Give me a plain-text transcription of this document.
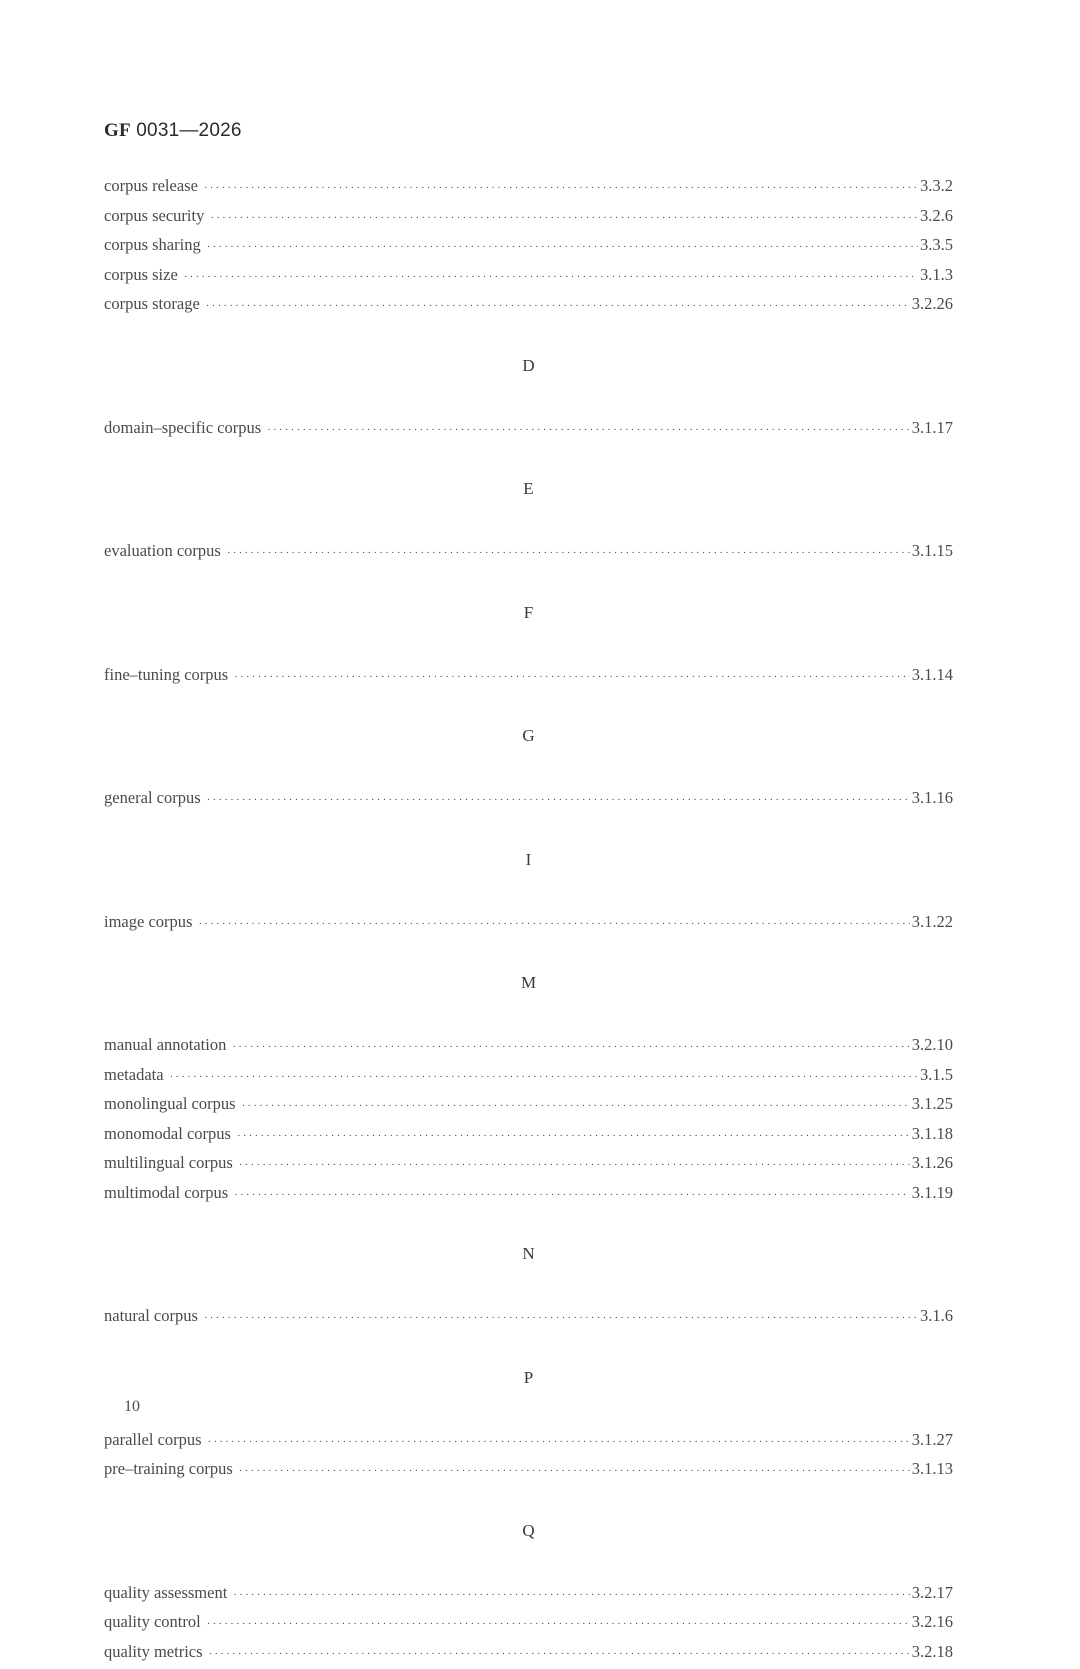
GF 0031—2026
corpus release ·····	3.3.2
corpus security ·····	3.2.6
corpus sharing ·····	3.3.5
corpus size ·····	3.1.3
corpus storage ·····	3.2.26
D
domain–specific corpus ·····	3.1.17
E
evaluation corpus ·····	3.1.15
F
fine–tuning corpus ·····	3.1.14
G
general corpus ·····	3.1.16
I
image corpus ·····	3.1.22
M
manual annotation ·····	3.2.10
metadata ·····	3.1.5
monolingual corpus ·····	3.1.25
monomodal corpus ·····	3.1.18
multilingual corpus ·····	3.1.26
multimodal corpus ·····	3.1.19
N
natural corpus ·····	3.1.6
P
parallel corpus ·····	3.1.27
pre–training corpus ·····	3.1.13
Q
quality assessment ·····	3.2.17
quality control ·····	3.2.16
quality metrics ·····	3.2.18
10
